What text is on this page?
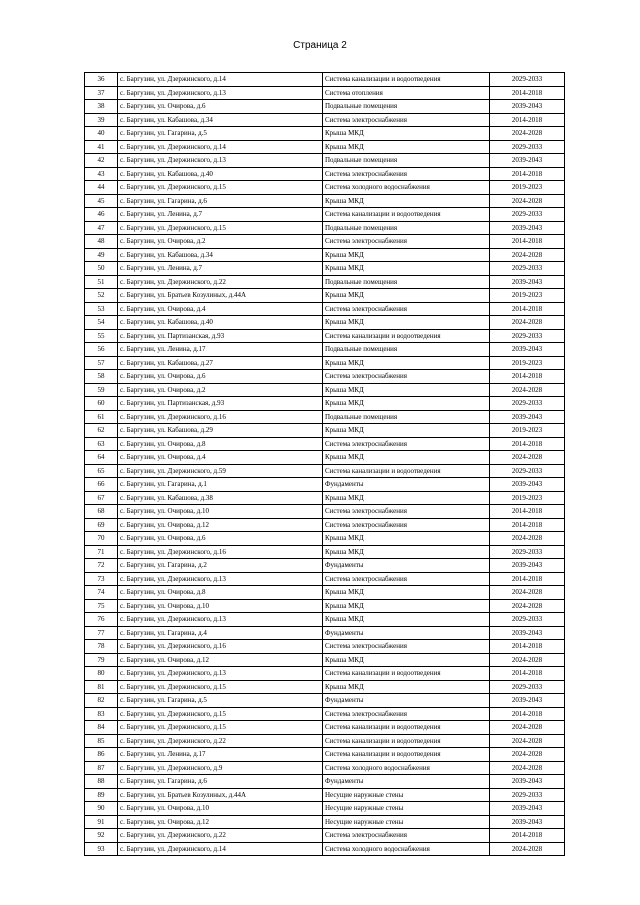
Страница 2
36	с. Баргузин, ул. Дзержинского, д.14	Система канализации и водоотведения	2029-2033
37	с. Баргузин, ул. Дзержинского, д.13	Система отопления	2014-2018
38	с. Баргузин, ул. Очирова, д.6	Подвальные помещения	2039-2043
39	с. Баргузин, ул. Кабашова, д.34	Система электроснабжения	2014-2018
40	с. Баргузин, ул. Гагарина, д.5	Крыша МКД	2024-2028
41	с. Баргузин, ул. Дзержинского, д.14	Крыша МКД	2029-2033
42	с. Баргузин, ул. Дзержинского, д.13	Подвальные помещения	2039-2043
43	с. Баргузин, ул. Кабашова, д.40	Система электроснабжения	2014-2018
44	с. Баргузин, ул. Дзержинского, д.15	Система холодного водоснабжения	2019-2023
45	с. Баргузин, ул. Гагарина, д.6	Крыша МКД	2024-2028
46	с. Баргузин, ул. Ленина, д.7	Система канализации и водоотведения	2029-2033
47	с. Баргузин, ул. Дзержинского, д.15	Подвальные помещения	2039-2043
48	с. Баргузин, ул. Очирова, д.2	Система электроснабжения	2014-2018
49	с. Баргузин, ул. Кабашова, д.34	Крыша МКД	2024-2028
50	с. Баргузин, ул. Ленина, д.7	Крыша МКД	2029-2033
51	с. Баргузин, ул. Дзержинского, д.22	Подвальные помещения	2039-2043
52	с. Баргузин, ул. Братьев Козулиных, д.44А	Крыша МКД	2019-2023
53	с. Баргузин, ул. Очирова, д.4	Система электроснабжения	2014-2018
54	с. Баргузин, ул. Кабашова, д.40	Крыша МКД	2024-2028
55	с. Баргузин, ул. Партизанская, д.93	Система канализации и водоотведения	2029-2033
56	с. Баргузин, ул. Ленина, д.17	Подвальные помещения	2039-2043
57	с. Баргузин, ул. Кабашова, д.27	Крыша МКД	2019-2023
58	с. Баргузин, ул. Очирова, д.6	Система электроснабжения	2014-2018
59	с. Баргузин, ул. Очирова, д.2	Крыша МКД	2024-2028
60	с. Баргузин, ул. Партизанская, д.93	Крыша МКД	2029-2033
61	с. Баргузин, ул. Дзержинского, д.16	Подвальные помещения	2039-2043
62	с. Баргузин, ул. Кабашова, д.29	Крыша МКД	2019-2023
63	с. Баргузин, ул. Очирова, д.8	Система электроснабжения	2014-2018
64	с. Баргузин, ул. Очирова, д.4	Крыша МКД	2024-2028
65	с. Баргузин, ул. Дзержинского, д.59	Система канализации и водоотведения	2029-2033
66	с. Баргузин, ул. Гагарина, д.1	Фундаменты	2039-2043
67	с. Баргузин, ул. Кабашова, д.38	Крыша МКД	2019-2023
68	с. Баргузин, ул. Очирова, д.10	Система электроснабжения	2014-2018
69	с. Баргузин, ул. Очирова, д.12	Система электроснабжения	2014-2018
70	с. Баргузин, ул. Очирова, д.6	Крыша МКД	2024-2028
71	с. Баргузин, ул. Дзержинского, д.16	Крыша МКД	2029-2033
72	с. Баргузин, ул. Гагарина, д.2	Фундаменты	2039-2043
73	с. Баргузин, ул. Дзержинского, д.13	Система электроснабжения	2014-2018
74	с. Баргузин, ул. Очирова, д.8	Крыша МКД	2024-2028
75	с. Баргузин, ул. Очирова, д.10	Крыша МКД	2024-2028
76	с. Баргузин, ул. Дзержинского, д.13	Крыша МКД	2029-2033
77	с. Баргузин, ул. Гагарина, д.4	Фундаменты	2039-2043
78	с. Баргузин, ул. Дзержинского, д.16	Система электроснабжения	2014-2018
79	с. Баргузин, ул. Очирова, д.12	Крыша МКД	2024-2028
80	с. Баргузин, ул. Дзержинского, д.13	Система канализации и водоотведения	2014-2018
81	с. Баргузин, ул. Дзержинского, д.15	Крыша МКД	2029-2033
82	с. Баргузин, ул. Гагарина, д.5	Фундаменты	2039-2043
83	с. Баргузин, ул. Дзержинского, д.15	Система электроснабжения	2014-2018
84	с. Баргузин, ул. Дзержинского, д.15	Система канализации и водоотведения	2024-2028
85	с. Баргузин, ул. Дзержинского, д.22	Система канализации и водоотведения	2024-2028
86	с. Баргузин, ул. Ленина, д.17	Система канализации и водоотведения	2024-2028
87	с. Баргузин, ул. Дзержинского, д.9	Система холодного водоснабжения	2024-2028
88	с. Баргузин, ул. Гагарина, д.6	Фундаменты	2039-2043
89	с. Баргузин, ул. Братьев Козулиных, д.44А	Несущие наружные стены	2029-2033
90	с. Баргузин, ул. Очирова, д.10	Несущие наружные стены	2039-2043
91	с. Баргузин, ул. Очирова, д.12	Несущие наружные стены	2039-2043
92	с. Баргузин, ул. Дзержинского, д.22	Система электроснабжения	2014-2018
93	с. Баргузин, ул. Дзержинского, д.14	Система холодного водоснабжения	2024-2028
